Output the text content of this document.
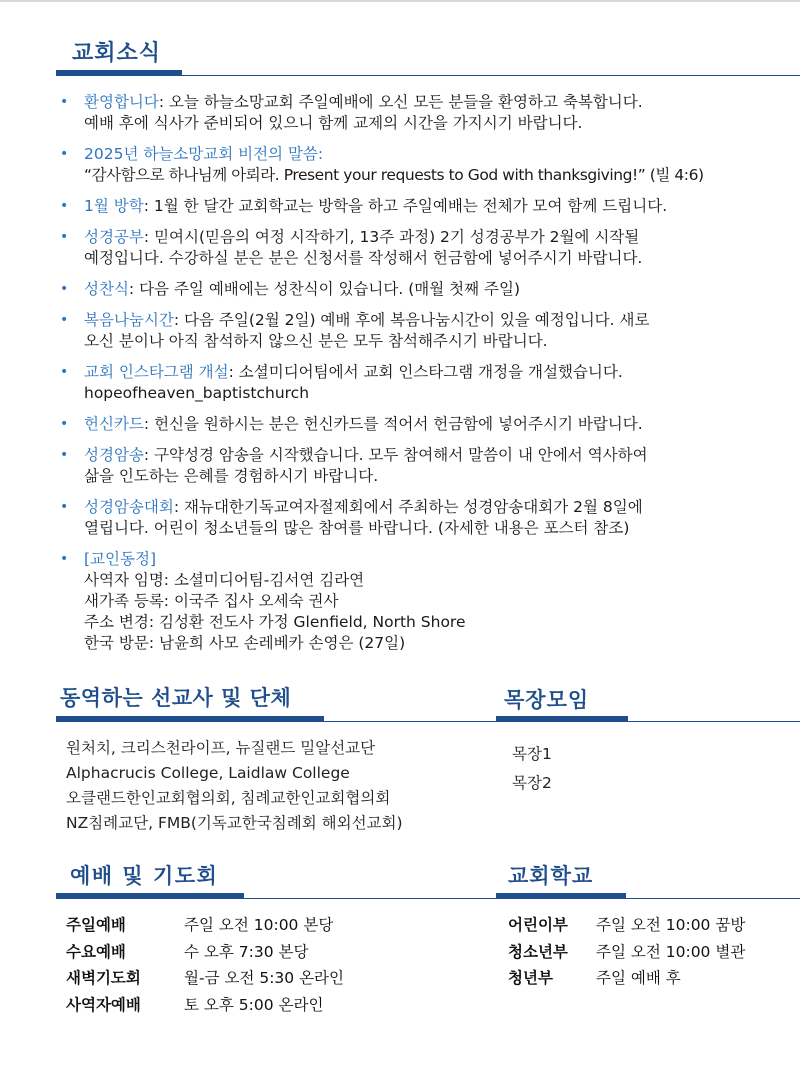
교회소식
• 환영합니다: 오늘 하늘소망교회 주일예배에 오신 모든 분들을 환영하고 축복합니다.
예배 후에 식사가 준비되어 있으니 함께 교제의 시간을 가지시기 바랍니다.
• 2025년 하늘소망교회 비전의 말씀:
“감사함으로 하나님께 아뢰라. Present your requests to God with thanksgiving!” (빌 4:6)
• 1월 방학: 1월 한 달간 교회학교는 방학을 하고 주일예배는 전체가 모여 함께 드립니다.
• 성경공부: 믿여시(믿음의 여정 시작하기, 13주 과정) 2기 성경공부가 2월에 시작될
예정입니다. 수강하실 분은 분은 신청서를 작성해서 헌금함에 넣어주시기 바랍니다.
• 성찬식: 다음 주일 예배에는 성찬식이 있습니다. (매월 첫째 주일)
• 복음나눔시간: 다음 주일(2월 2일) 예배 후에 복음나눔시간이 있을 예정입니다. 새로
오신 분이나 아직 참석하지 않으신 분은 모두 참석해주시기 바랍니다.
• 교회 인스타그램 개설: 소셜미디어팀에서 교회 인스타그램 개정을 개설했습니다.
hopeofheaven_baptistchurch
• 헌신카드: 헌신을 원하시는 분은 헌신카드를 적어서 헌금함에 넣어주시기 바랍니다.
• 성경암송: 구약성경 암송을 시작했습니다. 모두 참여해서 말씀이 내 안에서 역사하여
삶을 인도하는 은혜를 경험하시기 바랍니다.
• 성경암송대회: 재뉴대한기독교여자절제회에서 주최하는 성경암송대회가 2월 8일에
열립니다. 어린이 청소년들의 많은 참여를 바랍니다. (자세한 내용은 포스터 참조)
• [교인동정]
사역자 임명: 소셜미디어팀-김서연 김라연
새가족 등록: 이국주 집사 오세숙 권사
주소 변경: 김성환 전도사 가정 Glenfield, North Shore
한국 방문: 남윤희 사모 손레베카 손영은 (27일)
동역하는 선교사 및 단체	목장모임
원처치, 크리스천라이프, 뉴질랜드 밀알선교단
Alphacrucis College, Laidlaw College
오클랜드한인교회협의회, 침례교한인교회협의회
NZ침례교단, FMB(기독교한국침례회 해외선교회)
목장1
목장2
예배 및 기도회	교회학교
주일예배	주일 오전 10:00 본당
수요예배	수 오후 7:30 본당
새벽기도회	월-금 오전 5:30 온라인
사역자예배	토 오후 5:00 온라인
어린이부	주일 오전 10:00 꿈방
청소년부	주일 오전 10:00 별관
청년부	주일 예배 후
